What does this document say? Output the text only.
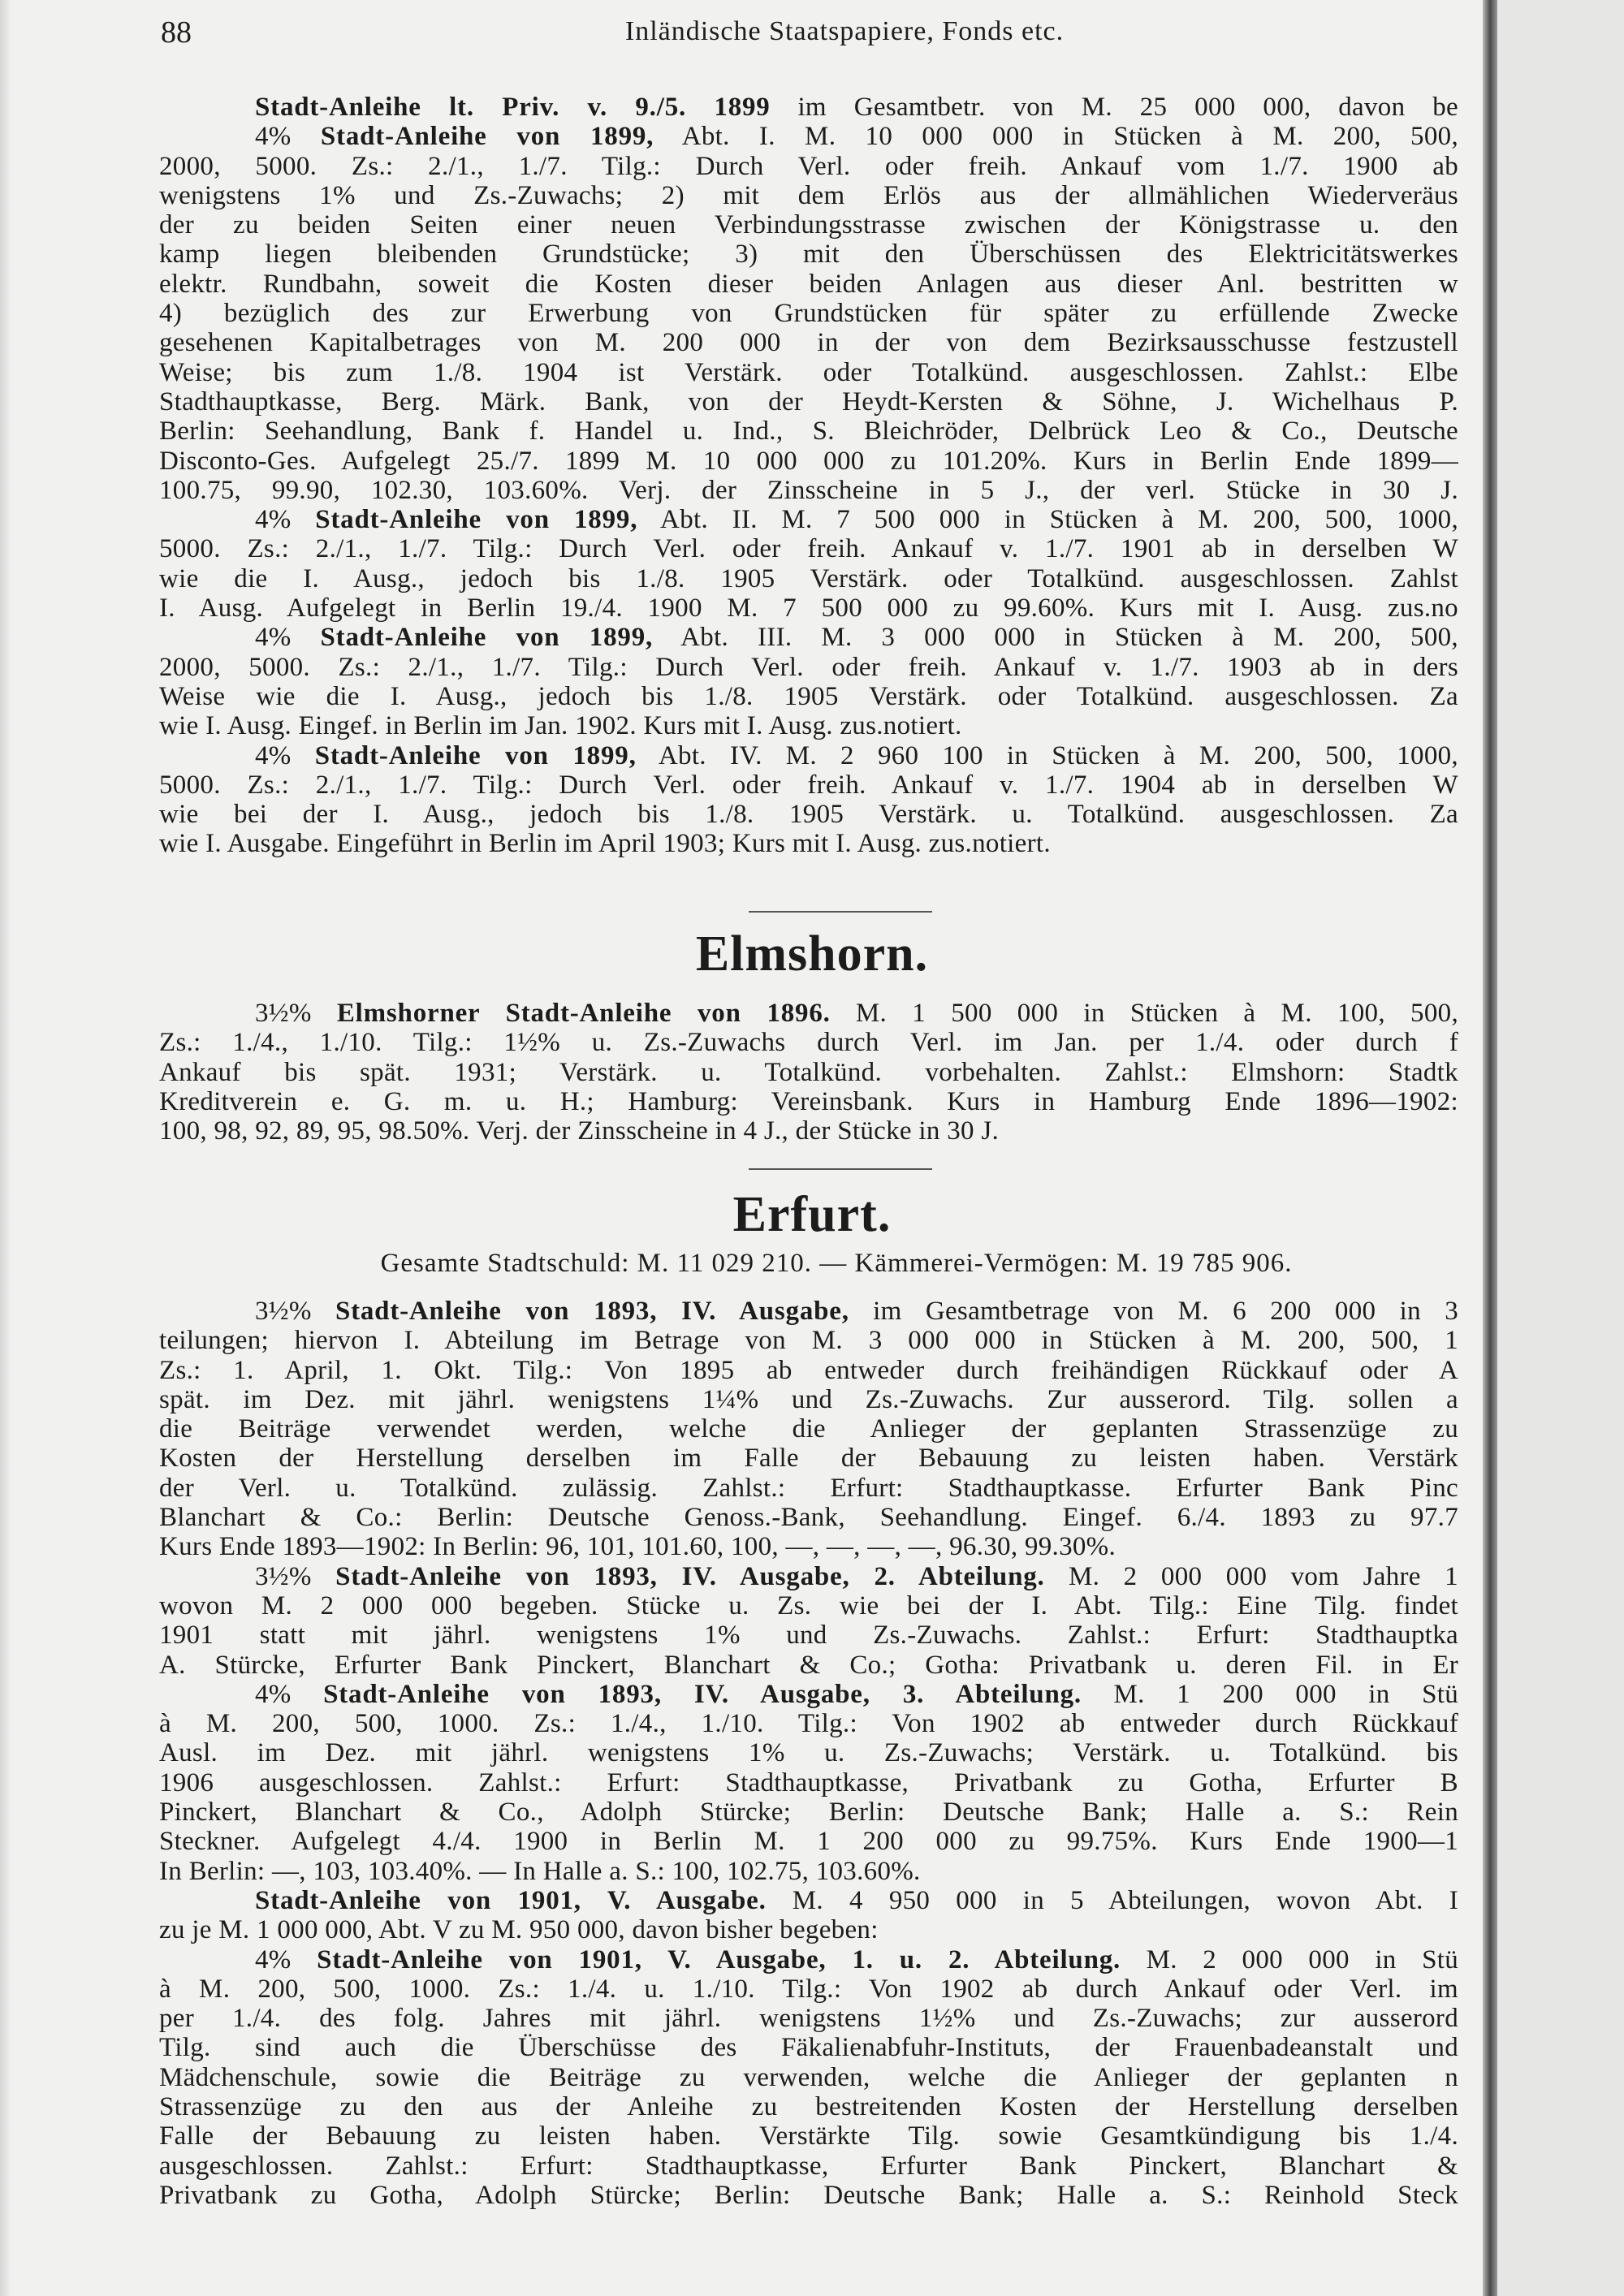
88	Inländische Staatspapiere, Fonds etc.
Stadt-Anleihe lt. Priv. v. 9./5. 1899 im Gesamtbetr. von M. 25 000 000, davon be
4% Stadt-Anleihe von 1899, Abt. I. M. 10 000 000 in Stücken à M. 200, 500,
2000, 5000. Zs.: 2./1., 1./7. Tilg.: Durch Verl. oder freih. Ankauf vom 1./7. 1900 ab
wenigstens 1% und Zs.-Zuwachs; 2) mit dem Erlös aus der allmählichen Wiederveräus
der zu beiden Seiten einer neuen Verbindungsstrasse zwischen der Königstrasse u. den
kamp liegen bleibenden Grundstücke; 3) mit den Überschüssen des Elektricitätswerkes
elektr. Rundbahn, soweit die Kosten dieser beiden Anlagen aus dieser Anl. bestritten w
4) bezüglich des zur Erwerbung von Grundstücken für später zu erfüllende Zwecke
gesehenen Kapitalbetrages von M. 200 000 in der von dem Bezirksausschusse festzustell
Weise; bis zum 1./8. 1904 ist Verstärk. oder Totalkünd. ausgeschlossen. Zahlst.: Elbe
Stadthauptkasse, Berg. Märk. Bank, von der Heydt-Kersten & Söhne, J. Wichelhaus P.
Berlin: Seehandlung, Bank f. Handel u. Ind., S. Bleichröder, Delbrück Leo & Co., Deutsche
Disconto-Ges. Aufgelegt 25./7. 1899 M. 10 000 000 zu 101.20%. Kurs in Berlin Ende 1899—
100.75, 99.90, 102.30, 103.60%. Verj. der Zinsscheine in 5 J., der verl. Stücke in 30 J.
4% Stadt-Anleihe von 1899, Abt. II. M. 7 500 000 in Stücken à M. 200, 500, 1000,
5000. Zs.: 2./1., 1./7. Tilg.: Durch Verl. oder freih. Ankauf v. 1./7. 1901 ab in derselben W
wie die I. Ausg., jedoch bis 1./8. 1905 Verstärk. oder Totalkünd. ausgeschlossen. Zahlst
I. Ausg. Aufgelegt in Berlin 19./4. 1900 M. 7 500 000 zu 99.60%. Kurs mit I. Ausg. zus.no
4% Stadt-Anleihe von 1899, Abt. III. M. 3 000 000 in Stücken à M. 200, 500,
2000, 5000. Zs.: 2./1., 1./7. Tilg.: Durch Verl. oder freih. Ankauf v. 1./7. 1903 ab in ders
Weise wie die I. Ausg., jedoch bis 1./8. 1905 Verstärk. oder Totalkünd. ausgeschlossen. Za
wie I. Ausg. Eingef. in Berlin im Jan. 1902. Kurs mit I. Ausg. zus.notiert.
4% Stadt-Anleihe von 1899, Abt. IV. M. 2 960 100 in Stücken à M. 200, 500, 1000,
5000. Zs.: 2./1., 1./7. Tilg.: Durch Verl. oder freih. Ankauf v. 1./7. 1904 ab in derselben W
wie bei der I. Ausg., jedoch bis 1./8. 1905 Verstärk. u. Totalkünd. ausgeschlossen. Za
wie I. Ausgabe. Eingeführt in Berlin im April 1903; Kurs mit I. Ausg. zus.notiert.
Elmshorn.
3½% Elmshorner Stadt-Anleihe von 1896. M. 1 500 000 in Stücken à M. 100, 500,
Zs.: 1./4., 1./10. Tilg.: 1½% u. Zs.-Zuwachs durch Verl. im Jan. per 1./4. oder durch f
Ankauf bis spät. 1931; Verstärk. u. Totalkünd. vorbehalten. Zahlst.: Elmshorn: Stadtk
Kreditverein e. G. m. u. H.; Hamburg: Vereinsbank. Kurs in Hamburg Ende 1896—1902:
100, 98, 92, 89, 95, 98.50%. Verj. der Zinsscheine in 4 J., der Stücke in 30 J.
Erfurt.
Gesamte Stadtschuld: M. 11 029 210. — Kämmerei-Vermögen: M. 19 785 906.
3½% Stadt-Anleihe von 1893, IV. Ausgabe, im Gesamtbetrage von M. 6 200 000 in 3
teilungen; hiervon I. Abteilung im Betrage von M. 3 000 000 in Stücken à M. 200, 500, 1
Zs.: 1. April, 1. Okt. Tilg.: Von 1895 ab entweder durch freihändigen Rückkauf oder A
spät. im Dez. mit jährl. wenigstens 1¼% und Zs.-Zuwachs. Zur ausserord. Tilg. sollen a
die Beiträge verwendet werden, welche die Anlieger der geplanten Strassenzüge zu
Kosten der Herstellung derselben im Falle der Bebauung zu leisten haben. Verstärk
der Verl. u. Totalkünd. zulässig. Zahlst.: Erfurt: Stadthauptkasse. Erfurter Bank Pinc
Blanchart & Co.: Berlin: Deutsche Genoss.-Bank, Seehandlung. Eingef. 6./4. 1893 zu 97.7
Kurs Ende 1893—1902: In Berlin: 96, 101, 101.60, 100, —, —, —, —, 96.30, 99.30%.
3½% Stadt-Anleihe von 1893, IV. Ausgabe, 2. Abteilung. M. 2 000 000 vom Jahre 1
wovon M. 2 000 000 begeben. Stücke u. Zs. wie bei der I. Abt. Tilg.: Eine Tilg. findet
1901 statt mit jährl. wenigstens 1% und Zs.-Zuwachs. Zahlst.: Erfurt: Stadthauptka
A. Stürcke, Erfurter Bank Pinckert, Blanchart & Co.; Gotha: Privatbank u. deren Fil. in Er
4% Stadt-Anleihe von 1893, IV. Ausgabe, 3. Abteilung. M. 1 200 000 in Stü
à M. 200, 500, 1000. Zs.: 1./4., 1./10. Tilg.: Von 1902 ab entweder durch Rückkauf
Ausl. im Dez. mit jährl. wenigstens 1% u. Zs.-Zuwachs; Verstärk. u. Totalkünd. bis
1906 ausgeschlossen. Zahlst.: Erfurt: Stadthauptkasse, Privatbank zu Gotha, Erfurter B
Pinckert, Blanchart & Co., Adolph Stürcke; Berlin: Deutsche Bank; Halle a. S.: Rein
Steckner. Aufgelegt 4./4. 1900 in Berlin M. 1 200 000 zu 99.75%. Kurs Ende 1900—1
In Berlin: —, 103, 103.40%. — In Halle a. S.: 100, 102.75, 103.60%.
Stadt-Anleihe von 1901, V. Ausgabe. M. 4 950 000 in 5 Abteilungen, wovon Abt. I
zu je M. 1 000 000, Abt. V zu M. 950 000, davon bisher begeben:
4% Stadt-Anleihe von 1901, V. Ausgabe, 1. u. 2. Abteilung. M. 2 000 000 in Stü
à M. 200, 500, 1000. Zs.: 1./4. u. 1./10. Tilg.: Von 1902 ab durch Ankauf oder Verl. im
per 1./4. des folg. Jahres mit jährl. wenigstens 1½% und Zs.-Zuwachs; zur ausserord
Tilg. sind auch die Überschüsse des Fäkalienabfuhr-Instituts, der Frauenbadeanstalt und
Mädchenschule, sowie die Beiträge zu verwenden, welche die Anlieger der geplanten n
Strassenzüge zu den aus der Anleihe zu bestreitenden Kosten der Herstellung derselben
Falle der Bebauung zu leisten haben. Verstärkte Tilg. sowie Gesamtkündigung bis 1./4.
ausgeschlossen. Zahlst.: Erfurt: Stadthauptkasse, Erfurter Bank Pinckert, Blanchart &
Privatbank zu Gotha, Adolph Stürcke; Berlin: Deutsche Bank; Halle a. S.: Reinhold Steck
